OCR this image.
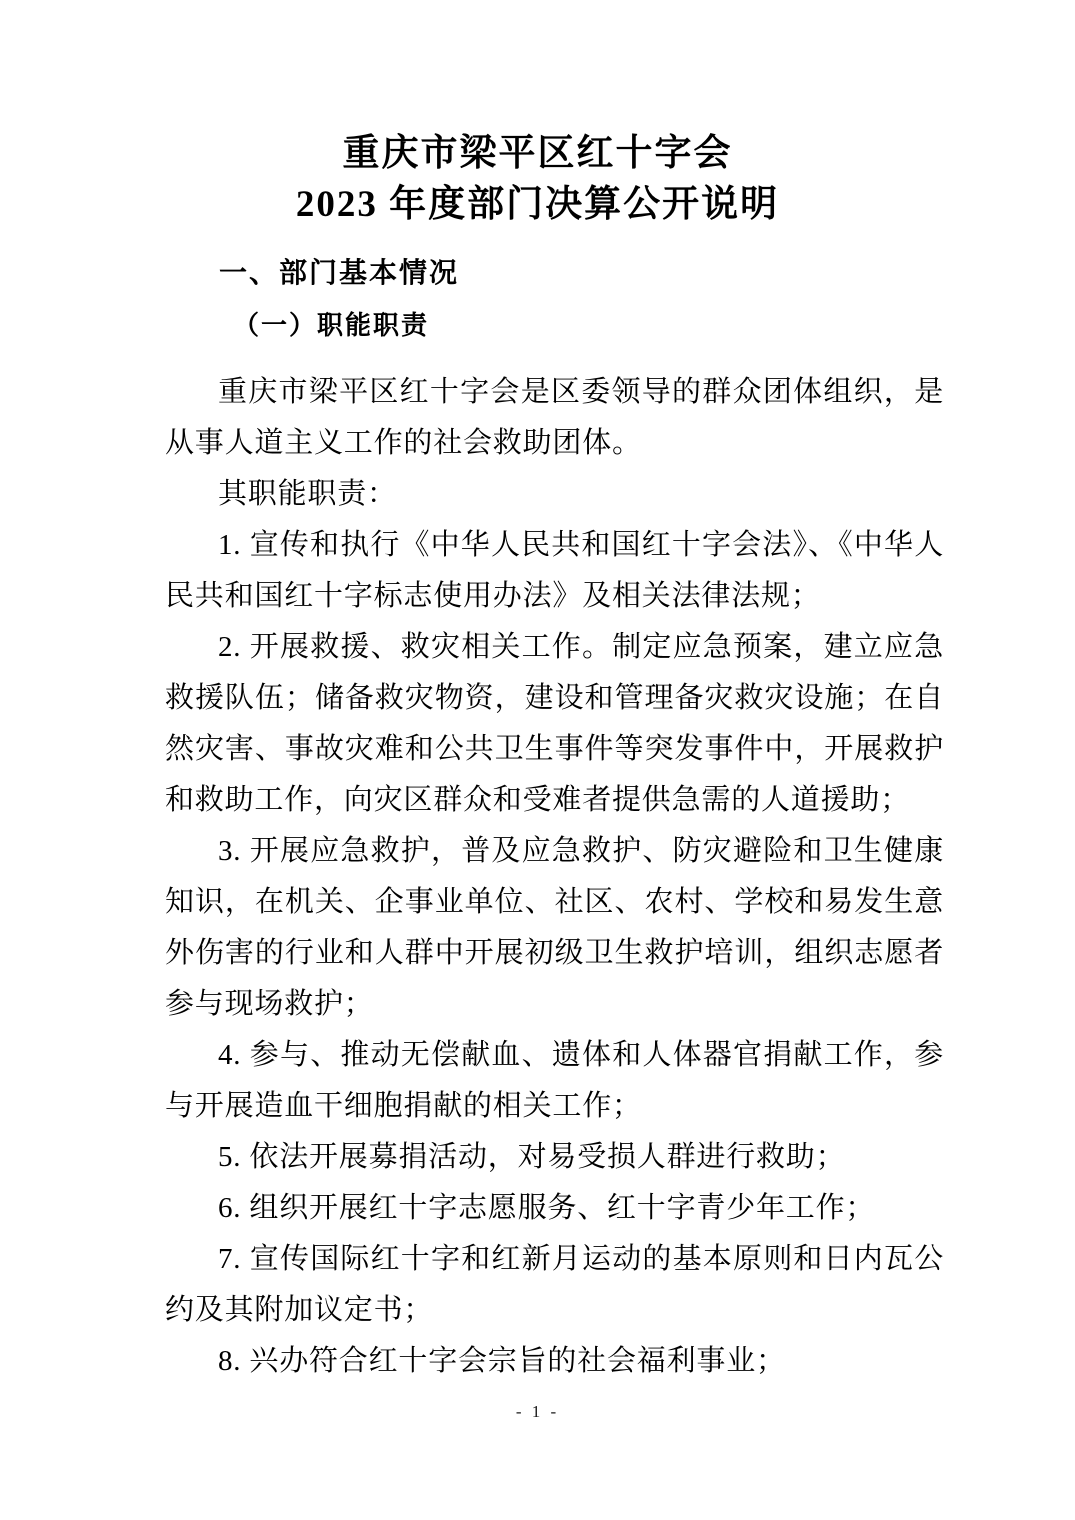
重庆市梁平区红十字会
2023 年度部门决算公开说明
一、部门基本情况
（一）职能职责

重庆市梁平区红十字会是区委领导的群众团体组织，是从事人道主义工作的社会救助团体。

其职能职责：

1. 宣传和执行《中华人民共和国红十字会法》、《中华人民共和国红十字标志使用办法》及相关法律法规；

2. 开展救援、救灾相关工作。制定应急预案，建立应急救援队伍；储备救灾物资，建设和管理备灾救灾设施；在自然灾害、事故灾难和公共卫生事件等突发事件中，开展救护和救助工作，向灾区群众和受难者提供急需的人道援助；

3. 开展应急救护，普及应急救护、防灾避险和卫生健康知识，在机关、企事业单位、社区、农村、学校和易发生意外伤害的行业和人群中开展初级卫生救护培训，组织志愿者参与现场救护；

4. 参与、推动无偿献血、遗体和人体器官捐献工作，参与开展造血干细胞捐献的相关工作；

5. 依法开展募捐活动，对易受损人群进行救助；

6. 组织开展红十字志愿服务、红十字青少年工作；

7. 宣传国际红十字和红新月运动的基本原则和日内瓦公约及其附加议定书；

8. 兴办符合红十字会宗旨的社会福利事业；

- 1 -
